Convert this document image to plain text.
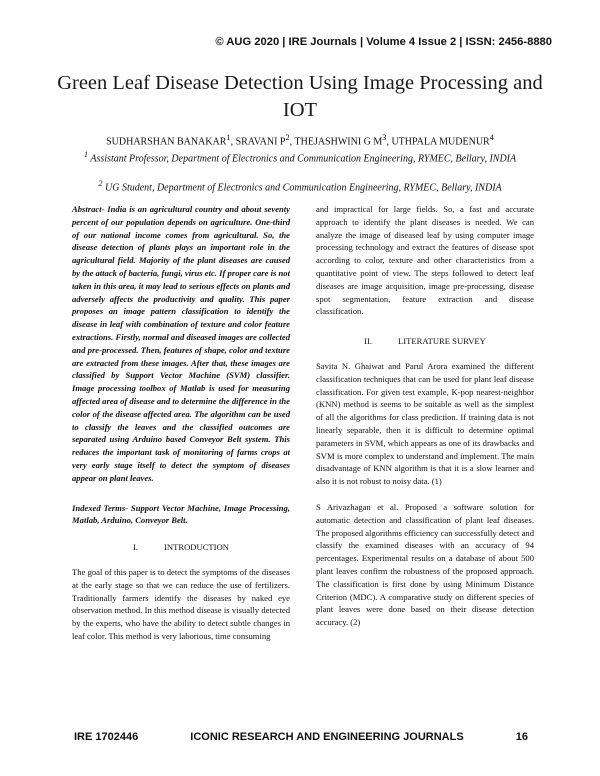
© AUG 2020 | IRE Journals | Volume 4 Issue 2 | ISSN: 2456-8880
Green Leaf Disease Detection Using Image Processing and IOT
SUDHARSHAN BANAKAR$^1$, SRAVANI $P^2$, THEJASHWINI G $M^3$, UTHPALA MUDENUR$^4$
$^1$ Assistant Professor, Department of Electronics and Communication Engineering, RYMEC, Bellary, INDIA
$^2$ UG Student, Department of Electronics and Communication Engineering, RYMEC, Bellary, INDIA

Abstract- India is an agricultural country and about seventy percent of our population depends on agriculture. One-third of our national income comes from agricultural. So, the disease detection of plants plays an important role in the agricultural field. Majority of the plant diseases are caused by the attack of bacteria, fungi, virus etc. If proper care is not taken in this area, it may lead to serious effects on plants and adversely affects the productivity and quality. This paper proposes an image pattern classification to identify the disease in leaf with combination of texture and color feature extractions. Firstly, normal and diseased images are collected and pre-processed. Then, features of shape, color and texture are extracted from these images. After that, these images are classified by Support Vector Machine (SVM) classifier. Image processing toolbox of Matlab is used for measuring affected area of disease and to determine the difference in the color of the disease affected area. The algorithm can be used to classify the leaves and the classified outcomes are separated using Arduino based Conveyor Belt system. This reduces the important task of monitoring of farms crops at very early stage itself to detect the symptom of diseases appear on plant leaves.

Indexed Terms- Support Vector Machine, Image Processing, Matlab, Arduino, Conveyor Belt.

I.	INTRODUCTION

The goal of this paper is to detect the symptoms of the diseases at the early stage so that we can reduce the use of fertilizers. Traditionally farmers identify the diseases by naked eye observation method. In this method disease is visually detected by the experts, who have the ability to detect subtle changes in leaf color. This method is very laborious, time consuming

and impractical for large fields. So, a fast and accurate approach to identify the plant diseases is needed. We can analyze the image of diseased leaf by using computer image processing technology and extract the features of disease spot according to color, texture and other characteristics from a quantitative point of view. The steps followed to detect leaf diseases are image acquisition, image pre-processing, disease spot segmentation, feature extraction and disease classification.

II.	LITERATURE SURVEY

Savita N. Ghaiwat and Parul Arora examined the different classification techniques that can be used for plant leaf disease classification. For given test example, K-pop nearest-neighbor (KNN) method is seems to be suitable as well as the simplest of all the algorithms for class prediction. If training data is not linearly separable, then it is difficult to determine optimal parameters in SVM, which appears as one of its drawbacks and SVM is more complex to understand and implement. The main disadvantage of KNN algorithm is that it is a slow learner and also it is not robust to noisy data. (1)

S Arivazhagan et al. Proposed a software solution for automatic detection and classification of plant leaf diseases. The proposed algorithms efficiency can successfully detect and classify the examined diseases with an accuracy of 94 percentages. Experimental results on a database of about 500 plant leaves confirm the robustness of the proposed approach. The classification is first done by using Minimum Distance Criterion (MDC). A comparative study on different species of plant leaves were done based on their disease detection accuracy. (2)

IRE 1702446	ICONIC RESEARCH AND ENGINEERING JOURNALS	16
